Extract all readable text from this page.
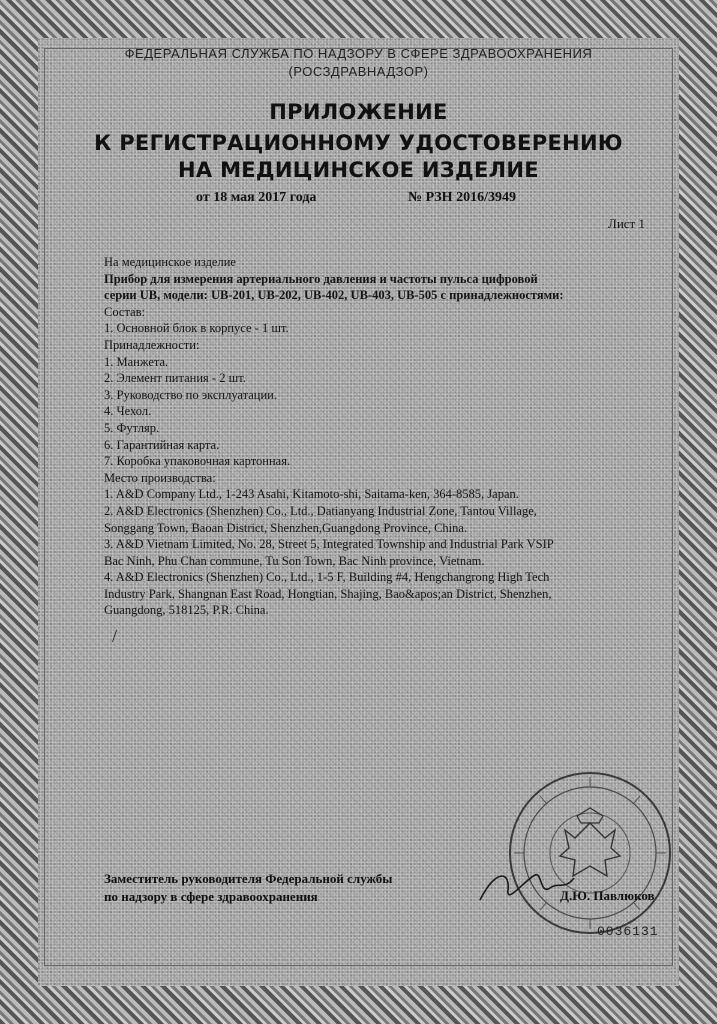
ФЕДЕРАЛЬНАЯ СЛУЖБА ПО НАДЗОРУ В СФЕРЕ ЗДРАВООХРАНЕНИЯ
(РОСЗДРАВНАДЗОР)
ПРИЛОЖЕНИЕ
К РЕГИСТРАЦИОННОМУ УДОСТОВЕРЕНИЮ
НА МЕДИЦИНСКОЕ ИЗДЕЛИЕ
от 18 мая 2017 года	№ РЗН 2016/3949
Лист 1
На медицинское изделие
Прибор для измерения артериального давления и частоты пульса цифровой
серии UB, модели: UB-201, UB-202, UB-402, UB-403, UB-505 с принадлежностями:
Состав:
1. Основной блок в корпусе - 1 шт.
Принадлежности:
1. Манжета.
2. Элемент питания - 2 шт.
3. Руководство по эксплуатации.
4. Чехол.
5. Футляр.
6. Гарантийная карта.
7. Коробка упаковочная картонная.
Место производства:
1. A&D Company Ltd., 1-243 Asahi, Kitamoto-shi, Saitama-ken, 364-8585, Japan.
2. A&D Electronics (Shenzhen) Co., Ltd., Datianyang Industrial Zone, Tantou Village,
Songgang Town, Baoan District, Shenzhen,Guangdong Province, China.
3. A&D Vietnam Limited, No. 28, Street 5, Integrated Township and Industrial Park VSIP
Bac Ninh, Phu Chan commune, Tu Son Town, Bac Ninh province, Vietnam.
4. A&D Electronics (Shenzhen) Co., Ltd., 1-5 F, Building #4, Hengchangrong High Tech
Industry Park, Shangnan East Road, Hongtian, Shajing, Bao&apos;an District, Shenzhen,
Guangdong, 518125, P.R. China.
/
Заместитель руководителя Федеральной службы
по надзору в сфере здравоохранения	Д.Ю. Павлюков
0036131
